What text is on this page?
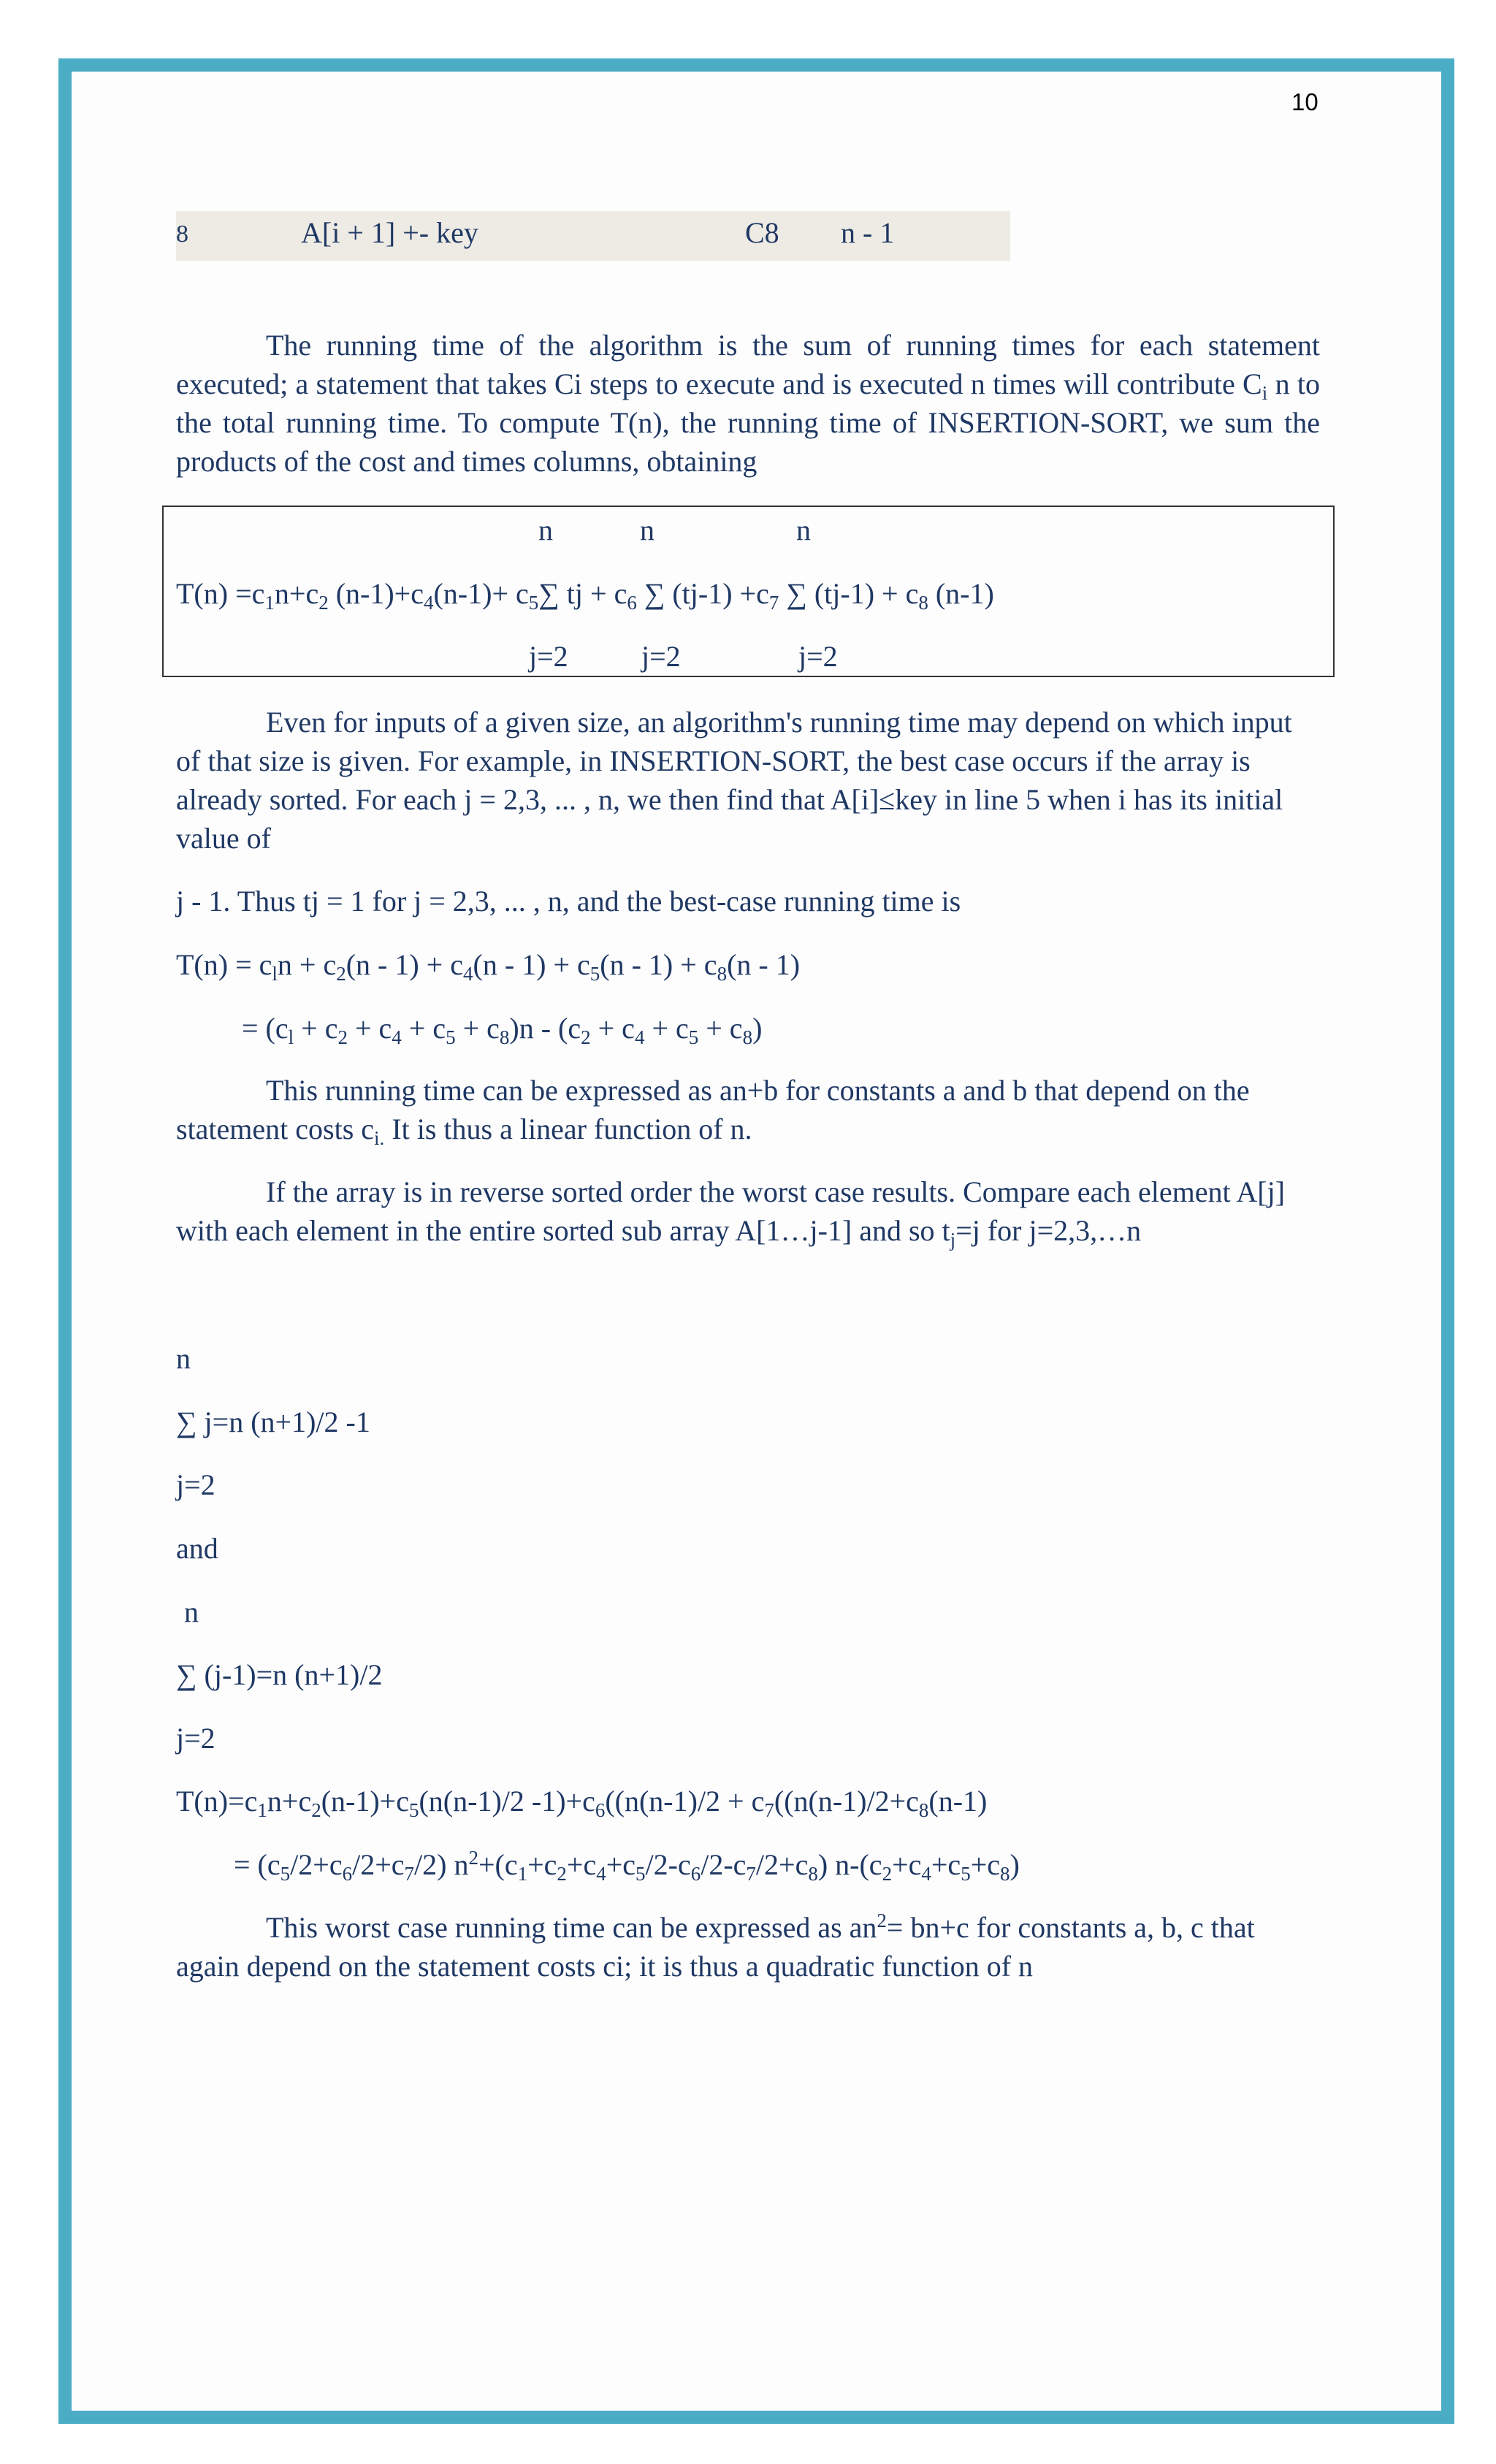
10
8	A[i + 1] +- key	C8 n - 1

The running time of the algorithm is the sum of running times for each statement executed; a statement that takes Ci steps to execute and is executed n times will contribute $C_i$ n to the total running time. To compute T(n), the running time of INSERTION-SORT, we sum the products of the cost and times columns, obtaining

n	n	n
$T(n) =c_1n+c_2$ $(n-1)+c_4(n-1)+ c_5\sum$ tj + $c_6$ ∑ $(tj-1) +c_7$ ∑ $(tj-1) + c_8$ (n-1)
j=2	j=2	j=2

Even for inputs of a given size, an algorithm's running time may depend on which input of that size is given. For example, in INSERTION-SORT, the best case occurs if the array is already sorted. For each j = 2,3, ... , n, we then find that A[i]≤key in line 5 when i has its initial value of

j - 1. Thus tj = 1 for j = 2,3, ... , n, and the best-case running time is
$T(n) = c_ln + c_2(n - 1) + c_4(n - 1) + c_5(n - 1) + c_8(n - 1)$
= $(c_l + c_2 + c_4 + c_5 + c_8)n - (c_2 + c_4 + c_5 + c_8)$

This running time can be expressed as an+b for constants a and b that depend on the statement costs $c_{i.}$ It is thus a linear function of n.

If the array is in reverse sorted order the worst case results. Compare each element A[j] with each element in the entire sorted sub array A[1…j-1] and so $t_j=j$ for j=2,3,…n

n
∑ j=n (n+1)/2 -1
j=2
and
n
∑ (j-1)=n (n+1)/2
j=2
$T(n)=c_1n+c_2(n-1)+c_5(n(n-1)/2$ $-1)+c_6((n(n-1)/2 + c_7((n(n-1)/2+c_8(n-1)$
= $(c_5/2+c_6/2+c_7/2)$ $n^2+(c_1+c_2+c_4+c_5/2-c_6/2-c_7/2+c_8)$ $n-(c_2+c_4+c_5+c_8)$

This worst case running time can be expressed as $an^2= bn+c$ for constants a, b, c that again depend on the statement costs ci; it is thus a quadratic function of n
